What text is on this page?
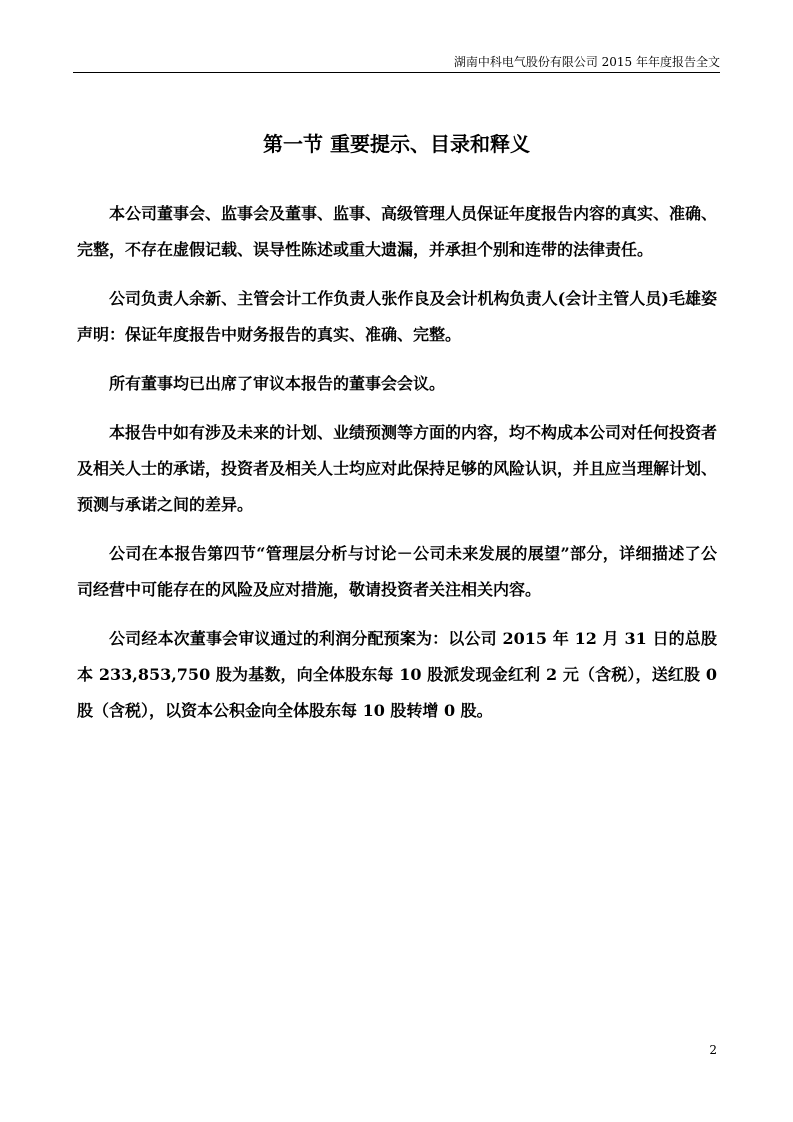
湖南中科电气股份有限公司 2015 年年度报告全文
第一节 重要提示、目录和释义

本公司董事会、监事会及董事、监事、高级管理人员保证年度报告内容的真实、准确、完整，不存在虚假记载、误导性陈述或重大遗漏，并承担个别和连带的法律责任。

公司负责人余新、主管会计工作负责人张作良及会计机构负责人(会计主管人员)毛雄姿声明：保证年度报告中财务报告的真实、准确、完整。

所有董事均已出席了审议本报告的董事会会议。

本报告中如有涉及未来的计划、业绩预测等方面的内容，均不构成本公司对任何投资者及相关人士的承诺，投资者及相关人士均应对此保持足够的风险认识，并且应当理解计划、预测与承诺之间的差异。

公司在本报告第四节“管理层分析与讨论－公司未来发展的展望”部分，详细描述了公司经营中可能存在的风险及应对措施，敬请投资者关注相关内容。

公司经本次董事会审议通过的利润分配预案为：以公司 2015 年 12 月 31 日的总股本 233,853,750 股为基数，向全体股东每 10 股派发现金红利 2 元（含税），送红股 0 股（含税），以资本公积金向全体股东每 10 股转增 0 股。

2
